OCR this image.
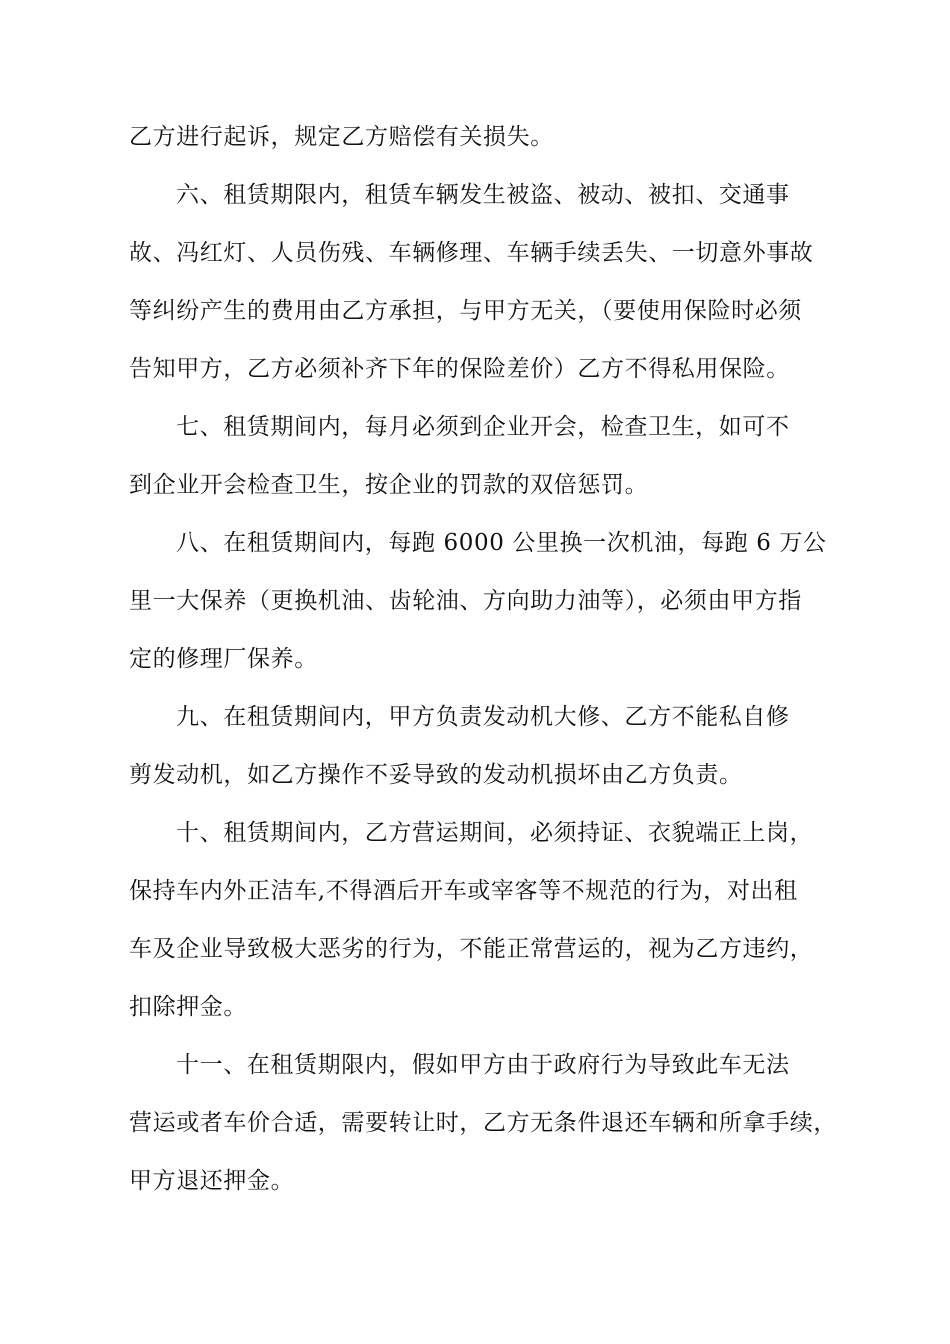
乙方进行起诉，规定乙方赔偿有关损失。
六、租赁期限内，租赁车辆发生被盗、被动、被扣、交通事
故、冯红灯、人员伤残、车辆修理、车辆手续丢失、一切意外事故
等纠纷产生的费用由乙方承担，与甲方无关，（要使用保险时必须
告知甲方，乙方必须补齐下年的保险差价）乙方不得私用保险。
七、租赁期间内，每月必须到企业开会，检查卫生，如可不
到企业开会检查卫生，按企业的罚款的双倍惩罚。
八、在租赁期间内，每跑 6000 公里换一次机油，每跑 6 万公
里一大保养（更换机油、齿轮油、方向助力油等），必须由甲方指
定的修理厂保养。
九、在租赁期间内，甲方负责发动机大修、乙方不能私自修
剪发动机，如乙方操作不妥导致的发动机损坏由乙方负责。
十、租赁期间内，乙方营运期间，必须持证、衣貌端正上岗，
保持车内外正洁车,不得酒后开车或宰客等不规范的行为，对出租
车及企业导致极大恶劣的行为，不能正常营运的，视为乙方违约，
扣除押金。
十一、在租赁期限内，假如甲方由于政府行为导致此车无法
营运或者车价合适，需要转让时，乙方无条件退还车辆和所拿手续，
甲方退还押金。
